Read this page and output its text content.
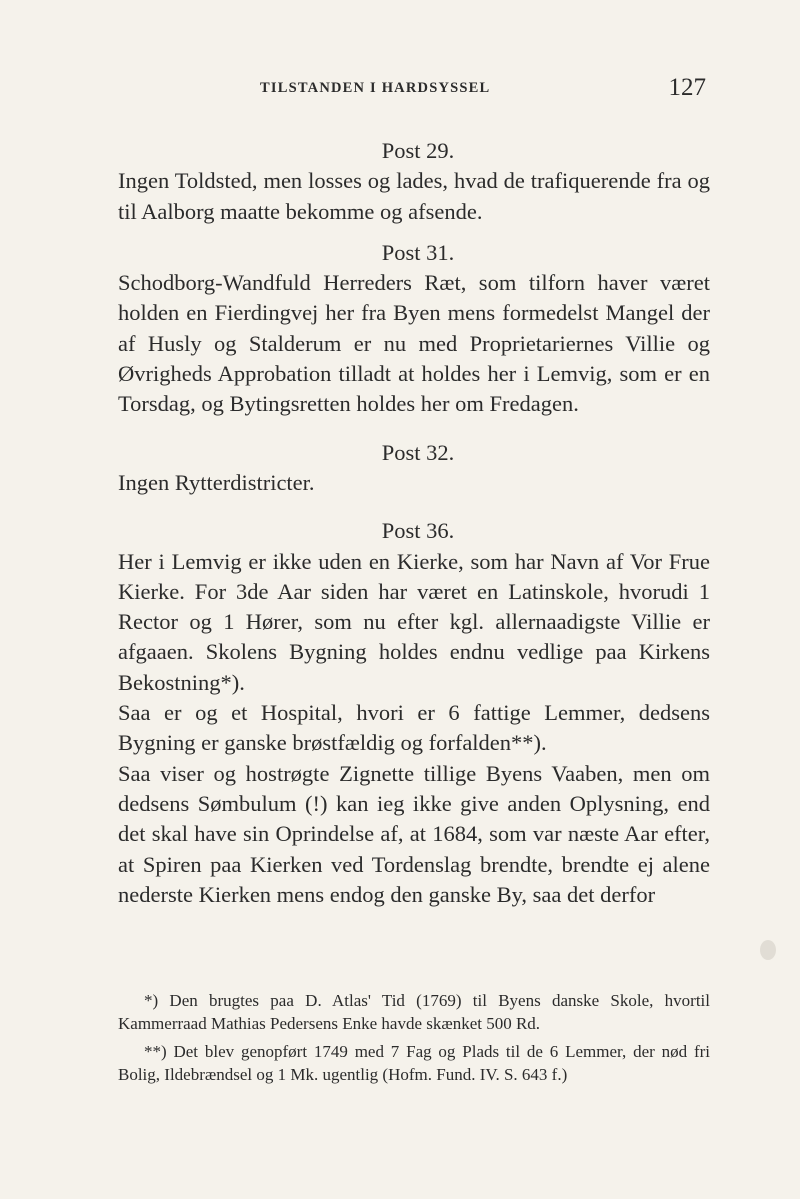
TILSTANDEN I HARDSYSSEL	127

Post 29.

Ingen Toldsted, men losses og lades, hvad de trafiquerende fra og til Aalborg maatte bekomme og afsende.

Post 31.

Schodborg-Wandfuld Herreders Ræt, som tilforn haver været holden en Fierdingvej her fra Byen mens formedelst Mangel der af Husly og Stalderum er nu med Proprietariernes Villie og Øvrigheds Approbation tilladt at holdes her i Lemvig, som er en Torsdag, og Bytingsretten holdes her om Fredagen.

Post 32.

Ingen Rytterdistricter.

Post 36.

Her i Lemvig er ikke uden en Kierke, som har Navn af Vor Frue Kierke. For 3de Aar siden har været en Latinskole, hvorudi 1 Rector og 1 Hører, som nu efter kgl. allernaadigste Villie er afgaaen. Skolens Bygning holdes endnu vedlige paa Kirkens Bekostning*).

Saa er og et Hospital, hvori er 6 fattige Lemmer, dedsens Bygning er ganske brøstfældig og forfalden**).

Saa viser og hostrøgte Zignette tillige Byens Vaaben, men om dedsens Sømbulum (!) kan ieg ikke give anden Oplysning, end det skal have sin Oprindelse af, at 1684, som var næste Aar efter, at Spiren paa Kierken ved Tordenslag brendte, brendte ej alene nederste Kierken mens endog den ganske By, saa det derfor

*) Den brugtes paa D. Atlas' Tid (1769) til Byens danske Skole, hvortil Kammerraad Mathias Pedersens Enke havde skænket 500 Rd.

**) Det blev genopført 1749 med 7 Fag og Plads til de 6 Lemmer, der nød fri Bolig, Ildebrændsel og 1 Mk. ugentlig (Hofm. Fund. IV. S. 643 f.)
